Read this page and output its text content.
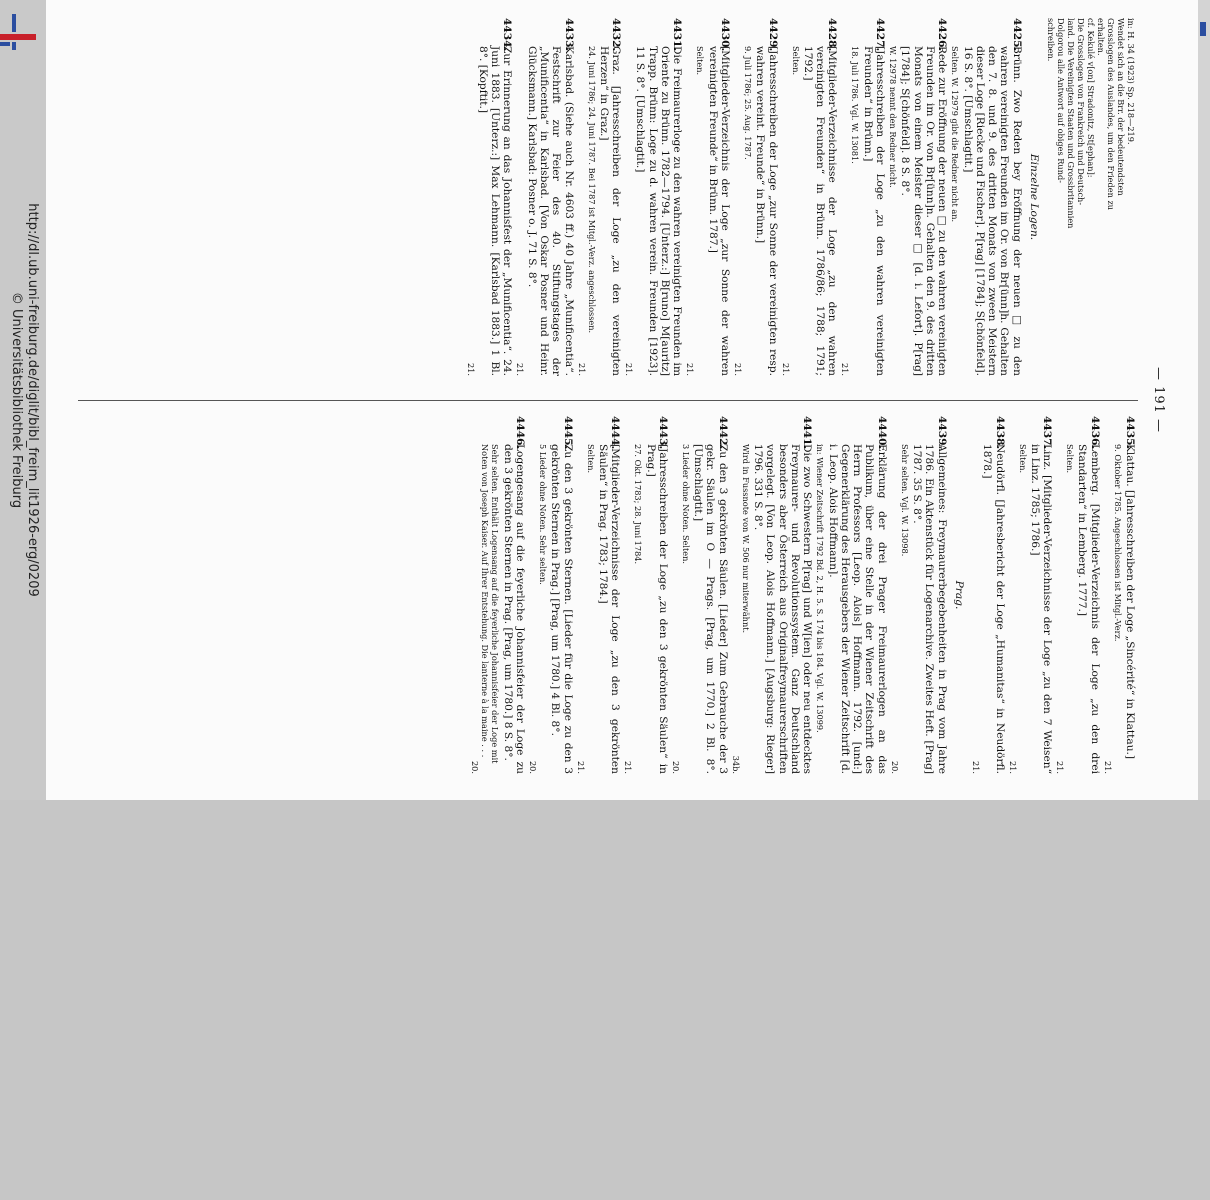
http://dl.ub.uni-freiburg.de/diglit/bibl_freim_lit1926-erg/0209
© Universitätsbibliothek Freiburg	— 191 —
in: H. 34 (1923) Sp. 218—219.
Wendet sich an die Brr. der bedeutendsten
Grosslogen des Auslandes, um den Frieden zu
erhalten.
cf. Kekulé v[on] Stradonitz, St[ephan]:
Die Grosslogen von Frankreich und Deutsch-
land. Die Vereinigten Staaten und Grossbritannien
Dolgorou alle Antwort auf obiges Rund-
schreiben.
Einzelne Logen.
4425.
Brünn. Zwo Reden bey Eröffnung der neuen □ zu den wahren vereinigten Freunden im Or. von Br[ünn]h. Gehalten den 7. 8. und 9. des dritten Monats von zween Meistern dieser Loge [Riecke und Fischer]. P[rag] [1784]; S[chönfeld]. 16 S. 8°. [Umschlagtit.]
Selten. W. 12979 gibt die Redner nicht an.
4426.
Rede zur Eröffnung der neuen □ zu den wahren vereinigten Freunden im Or. von Br[ünn]n. Gehalten den 9. des dritten Monats von einem Meister dieser □ [d. i. Lefort]. P[rag] [1784]; S[chönfeld]. 8 S. 8°.
W. 12978 nennt den Redner nicht.
4427.
[Jahresschreiben der Loge „zu den wahren vereinigten Freunden“ in Brünn.]
18. Juli 1786. Vgl. W. 13081.
21.
4428.
[Mitglieder-Verzeichnisse der Loge „zu den wahren vereinigten Freunden“ in Brünn. 1786/86; 1788; 1791; 1792.]
Selten.
21.
4429.
[Jahresschreiben der Loge „zur Sonne der vereinigten resp. wahren vereint. Freunde“ in Brünn.]
9. Juli 1786; 25. Aug. 1787.
21.
4430.
[Mitglieder-Verzeichnis der Loge „zur Sonne der wahren vereinigten Freunde“ in Brünn. 1787.]
Selten.
21.
4431.
Die Freimaurerloge zu den wahren vereinigten Freunden im Oriente zu Brünn. 1782—1794. [Unterz.:] B[runo] M[auritz] Trapp. Brünn: Loge zu d. wahren verein. Freunden [1923]. 11 S. 8°. [Umschlagtit.]
21.
4432.
Graz. [Jahresschreiben der Loge „zu den vereinigten Herzen“ in Graz.]
24. Juni 1786; 24. Juni 1787. Bei 1787 ist Mitgl.-Verz. angeschlossen.
21.
4433.
Karlsbad. (Siehe auch Nr. 4603 ff.) 40 Jahre „Munificentia“. Festschrift zur Feier des 40. Stiftungstages der „Munificentia“ in Karlsbad. [Von Oskar Posner und Heinr. Glücksmann.] Karlsbad: Posner o. J. 71 S. 8°.
21.
4434.
Zur Erinnerung an das Johannisfest der „Munificentia“. 24. Juni 1883. [Unterz.:] Max Lehmann. [Karlsbad 1883.] 1 Bl. 8°. [Kopftit.]
21.
4435.
Klattau. [Jahresschreiben der Loge „Sincérité“ in Klattau.]
9. Oktober 1785. Angeschlossen ist Mitgl.-Verz.
21.
4436.
Lemberg. [Mitglieder-Verzeichnis der Loge „zu den drei Standarten“ in Lemberg. 1777.]
Selten.
21.
4437.
Linz. [Mitglieder-Verzeichnisse der Loge „zu den 7 Weisen“ in Linz. 1785; 1786.]
Selten.
21.
4438.
Neudörfl. [Jahresbericht der Loge „Humanitas“ in Neudörfl. 1878.]
21.
Prag.
4439.
Allgemeines: Freymaurerbegebenheiten in Prag vom Jahre 1786. Ein Aktenstück für Logenarchive. Zweites Heft. [Prag] 1787. 35 S. 8°.
Sehr selten. Vgl. W. 13098.
20.
4440.
Erklärung der drei Prager Freimaurerlogen an das Publikum, über eine Stelle in der Wiener Zeitschrift des Herrn Professors [Leop. Alois] Hoffmann. 1792. [und:] Gegenerklärung des Herausgebers der Wiener Zeitschrift [d. i. Leop. Alois Hoffmann].
in: Wiener Zeitschrift 1792 Bd. 2, H. 5. S. 174 bis 184. Vgl. W. 13099.
4441.
Die zwo Schwestern P[rag] und W[ien] oder neu entdecktes Freymaurer- und Revolutionssystem. Ganz Deutschland besonders aber Österreich aus Originalfreymaurerschriften vorgelegt. [Von Leop. Alois Hoffmann.] [Augsburg: Rieger] 1796. 331 S. 8°.
Wird in Fussnote von W. 506 nur miterwähnt.
34b.
4442.
Zu den 3 gekrönten Säulen. [Lieder] Zum Gebrauche der 3 gekr. Säulen im O — Prags. [Prag, um 1770.] 2 Bl. 8°. [Umschlagtit.]
3 Lieder ohne Noten. Selten.
20.
4443.
[Jahresschreiben der Loge „zu den 3 gekrönten Säulen“ in Prag.]
27. Okt. 1783; 28. Juni 1784.
21.
4444.
[Mitglieder-Verzeichnisse der Loge „zu den 3 gekrönten Säulen“ in Prag. 1783; 1784.]
Selten.
21.
4445.
Zu den 3 gekrönten Sternen. [Lieder für die Loge zu den 3 gekrönten Sternen in Prag.] [Prag, um 1780.] 4 Bl. 8°.
5 Lieder ohne Noten. Sehr selten.
20.
4446.
Logengesang auf die feyerliche Johannisfeier der Loge zu den 3 gekrönten Sternen in Prag. [Prag, um 1780.] 8 S. 8°.
Sehr selten. Enthält Logensang auf die feyerliche Johannisfeier der Loge mit Noten von Joseph Kaiser. Auf Ihrer Entstehung. Die lanterne à la maine . . .
20.
